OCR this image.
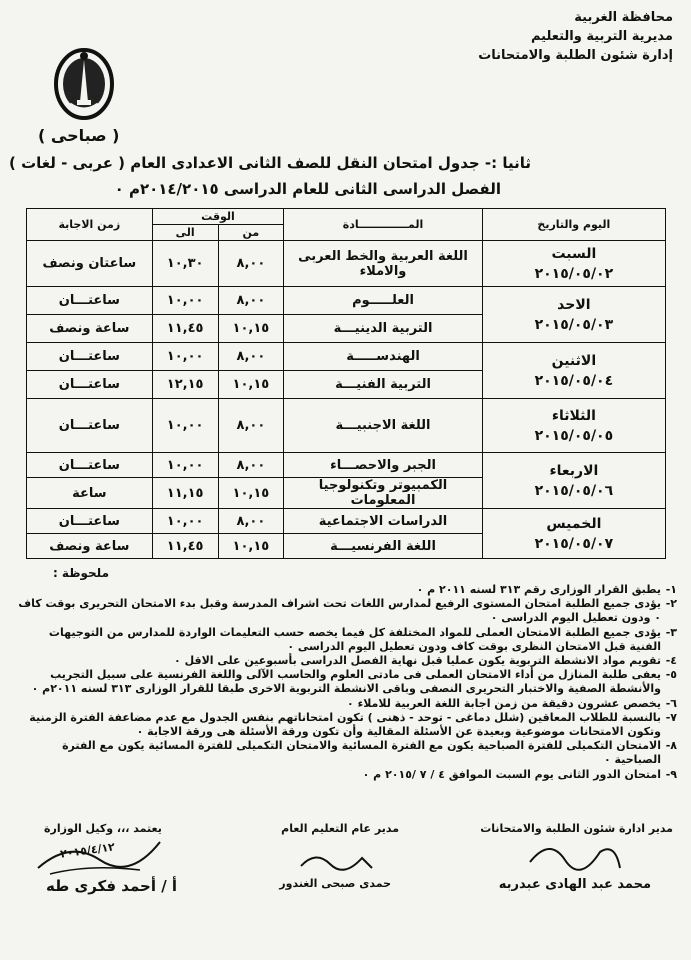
محافظة الغربية
مديرية التربية والتعليم
إدارة شئون الطلبة والامتحانات
( صباحى )
ثانيا :- جدول امتحان النقل للصف الثانى الاعدادى العام ( عربى - لغات )
الفصل الدراسى الثانى للعام الدراسى ٢٠١٤/٢٠١٥م ٠
اليوم والتاريخ	المـــــــــــــادة	الوقت		زمن الاجابة
		من	الى	

السبت
٢٠١٥/٠٥/٠٢	اللغة العربية والخط العربى والاملاء	٨,٠٠	١٠,٣٠	ساعتان ونصف

الاحد
٢٠١٥/٠٥/٠٣	العلـــــوم	٨,٠٠	١٠,٠٠	ساعتـــان
	التربية الدينيـــة	١٠,١٥	١١,٤٥	ساعة ونصف

الاثنين
٢٠١٥/٠٥/٠٤	الهندســـــة	٨,٠٠	١٠,٠٠	ساعتـــان
	التربية الفنيـــة	١٠,١٥	١٢,١٥	ساعتـــان

الثلاثاء
٢٠١٥/٠٥/٠٥	اللغة الاجنبيـــة	٨,٠٠	١٠,٠٠	ساعتـــان

الاربعاء
٢٠١٥/٠٥/٠٦	الجبر والاحصـــاء	٨,٠٠	١٠,٠٠	ساعتـــان
	الكمبيوتر وتكنولوجيا المعلومات	١٠,١٥	١١,١٥	ساعة

الخميس
٢٠١٥/٠٥/٠٧	الدراسات الاجتماعية	٨,٠٠	١٠,٠٠	ساعتـــان
	اللغة الفرنسيـــة	١٠,١٥	١١,٤٥	ساعة ونصف
ملحوظة :

١-
يطبق القرار الوزارى رقم ٣١٣ لسنه ٢٠١١ م ٠

٢-
يؤدى جميع الطلبة امتحان المستوى الرفيع لمدارس اللغات تحت اشراف المدرسة وقبل بدء الامتحان التحريرى بوقت كاف ٠ ودون تعطيل اليوم الدراسى ٠

٣-
يؤدى جميع الطلبة الامتحان العملى للمواد المختلفة كل فيما يخصه حسب التعليمات الواردة للمدارس من التوجيهات الفنية قبل الامتحان النظرى بوقت كاف ودون تعطيل اليوم الدراسى ٠

٤-
تقويم مواد الانشطة التربوية يكون عمليا قبل نهاية الفصل الدراسى بأسبوعين على الاقل ٠

٥-
يعفى طلبة المنازل من أداء الامتحان العملى فى مادتى العلوم والحاسب الآلى واللغة الفرنسية على سبيل التجريب والأنشطة الصفية والاختبار التحريرى النصفى وباقى الانشطة التربوية الاخرى طبقا للقرار الوزارى ٣١٣ لسنه ٢٠١١م ٠

٦-
يخصص عشرون دقيقة من زمن اجابة اللغة العربية للاملاء ٠

٧-
بالنسبة للطلاب المعاقين (شلل دماغى - توحد - ذهنى ) تكون امتحاناتهم بنفس الجدول مع عدم مضاعفة الفترة الزمنية وتكون الامتحانات موضوعية وبعيدة عن الأسئلة المقالية وأن تكون ورقة الأسئلة هى ورقة الاجابة ٠

٨-
الامتحان التكميلى للفترة الصباحية يكون مع الفترة المسائية والامتحان التكميلى للفترة المسائية يكون مع الفترة الصباحية ٠

٩-
امتحان الدور الثانى يوم السبت الموافق ٤ / ٧ /٢٠١٥ م ٠

مدير ادارة شئون الطلبة والامتحانات
مدير عام التعليم العام
يعتمد ،،، وكيل الوزارة
٢٠١٥/٤/١٢
محمد عبد الهادى عبدربه
حمدى صبحى الغندور
أ / أحمد فكرى طه
